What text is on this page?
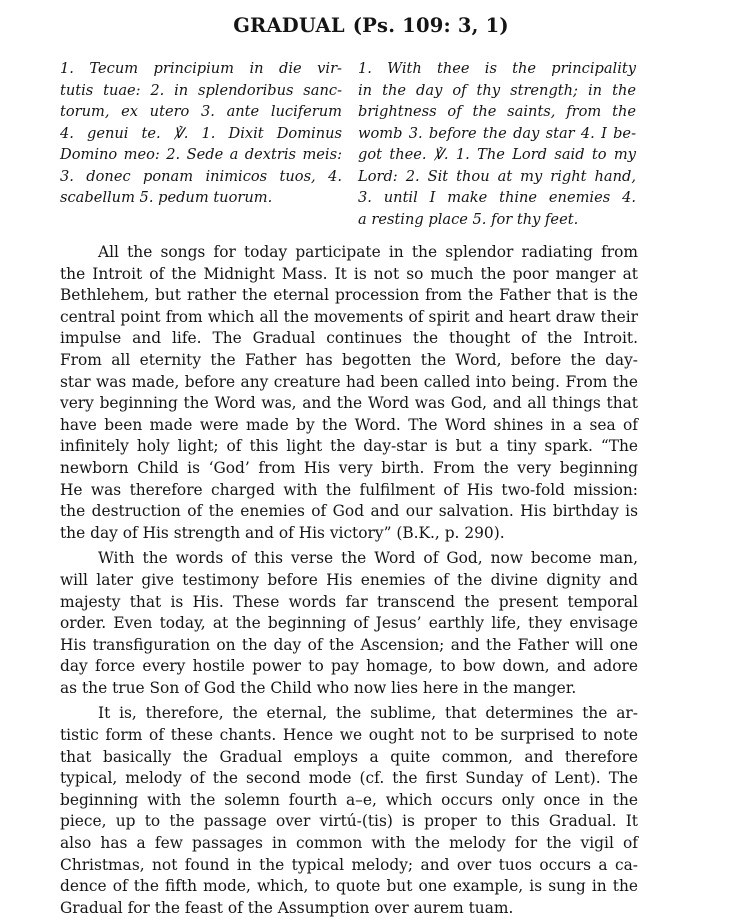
GRADUAL (Ps. 109: 3, 1)
1. Tecum principium in die vir-
tutis tuae: 2. in splendoribus sanc-
torum, ex utero 3. ante luciferum
4. genui te. ℣. 1. Dixit Dominus
Domino meo: 2. Sede a dextris meis:
3. donec ponam inimicos tuos, 4.
scabellum 5. pedum tuorum.
1. With thee is the principality
in the day of thy strength; in the
brightness of the saints, from the
womb 3. before the day star 4. I be-
got thee. ℣. 1. The Lord said to my
Lord: 2. Sit thou at my right hand,
3. until I make thine enemies 4.
a resting place 5. for thy feet.
All the songs for today participate in the splendor radiating from
the Introit of the Midnight Mass. It is not so much the poor manger at
Bethlehem, but rather the eternal procession from the Father that is the
central point from which all the movements of spirit and heart draw their
impulse and life. The Gradual continues the thought of the Introit.
From all eternity the Father has begotten the Word, before the day-
star was made, before any creature had been called into being. From the
very beginning the Word was, and the Word was God, and all things that
have been made were made by the Word. The Word shines in a sea of
infinitely holy light; of this light the day-star is but a tiny spark. “The
newborn Child is ‘God’ from His very birth. From the very beginning
He was therefore charged with the fulfilment of His two-fold mission:
the destruction of the enemies of God and our salvation. His birthday is
the day of His strength and of His victory” (B.K., p. 290).
With the words of this verse the Word of God, now become man,
will later give testimony before His enemies of the divine dignity and
majesty that is His. These words far transcend the present temporal
order. Even today, at the beginning of Jesus’ earthly life, they envisage
His transfiguration on the day of the Ascension; and the Father will one
day force every hostile power to pay homage, to bow down, and adore
as the true Son of God the Child who now lies here in the manger.
It is, therefore, the eternal, the sublime, that determines the ar-
tistic form of these chants. Hence we ought not to be surprised to note
that basically the Gradual employs a quite common, and therefore
typical, melody of the second mode (cf. the first Sunday of Lent). The
beginning with the solemn fourth a–e, which occurs only once in the
piece, up to the passage over virtú-(tis) is proper to this Gradual. It
also has a few passages in common with the melody for the vigil of
Christmas, not found in the typical melody; and over tuos occurs a ca-
dence of the fifth mode, which, to quote but one example, is sung in the
Gradual for the feast of the Assumption over aurem tuam.
